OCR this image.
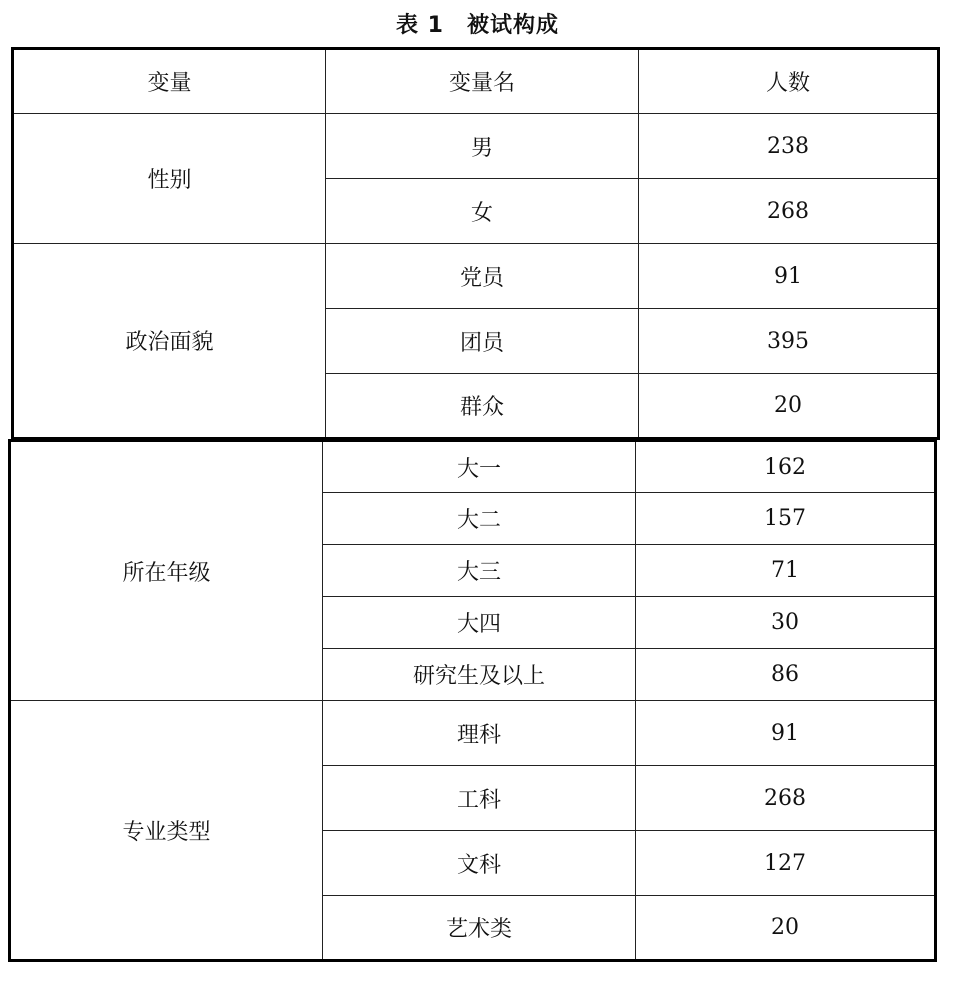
表 1　被试构成
变量	变量名	人数
性别	男	238
	女	268
政治面貌	党员	91
	团员	395
	群众	20
所在年级	大一	162
	大二	157
	大三	71
	大四	30
	研究生及以上	86
专业类型	理科	91
	工科	268
	文科	127
	艺术类	20
